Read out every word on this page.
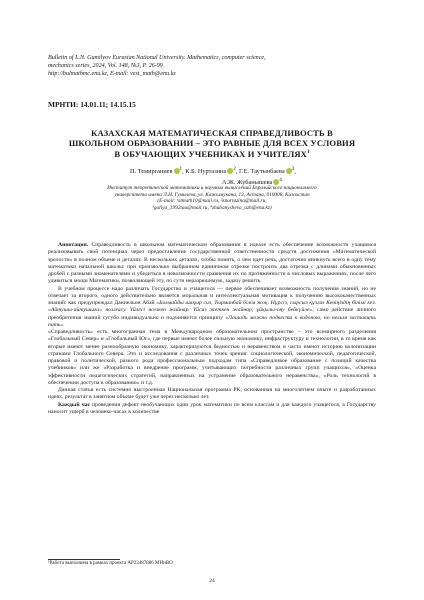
Bulletin of L.N. Gumilyov Eurasian National University. Mathematics, computer science,
mechanics series, 2024, Vol. 148, №3, P. 26-99
http://bulmathmc.enu.kz, E-mail: vest_math@enu.kz
МРНТИ: 14.01.11; 14.15.15
КАЗАХСКАЯ МАТЕМАТИЧЕСКАЯ СПРАВЕДЛИВОСТЬ В
ШКОЛЬНОМ ОБРАЗОВАНИИ – ЭТО РАВНЫЕ ДЛЯ ВСЕХ УСЛОВИЯ
В ОБУЧАЮЩИХ УЧЕБНИКАХ И УЧИТЕЛЯХ$^1$
П. Темирганиев $^1$, К.Б. Нуртазина $^2$, Г.Е. Таутынбаева $^3$,
А.Ж. Жубанышева $^4$
Институт теоретической математики и научных вычислений Евразийского национального
университета имени Л.Н. Гумилева, ул. Кажымукана, 13, Астана, 010008, Казахстан
(E-mail: ¹stmath10@mail.ru, ²knurtazina@mail.ru,
³galiya_1992tau@mail.ru, ⁴zhubanysheva_azh@enu.kz)

Аннотация. Справедливость в школьном математическом образовании в идеале есть обеспечение возможности учащимся реализовывать свой потенциал через предоставление государственной ответственности средств достижения «Математической зрелости» в полном объеме и деталях. В нескольких деталях, чтобы понять, о чем идет речь, достаточно вникнуть всего в одну тему математики начальной школы: при произвольно выбранном единичном отрезке построить два отрезка с длинами обыкновенных дробей с разными знаменателями и убедиться в невозможности сравнения их по протяженности в числовых выражениях, после чего удивиться мощи Математики, позволяющей эту, по сути неразрешимую, задачу решить.

В учебном процессе надо различать Государство и учащегося — первое обеспечивает возможность получения знаний, но не отвечает за второго, одного действительно является моральная и интеллектуальная мотивация к получению высококачественных знаний: как предупреждал Даниельон Абай «Болмайды шақыр сиз, Тырманбай білім жоқ. Нұрсіз, сырсыз құзгиз Көзіңіздің білімі кез. «Айтушы-айтушыға» жалғасу. Үйлесі желкен жайнар. Үйсиз жеткен жайнар, ұйқылы-ояу бейкүйле», само действие личного преобретения знаний сугубо индивидуально и подчиняется принципу «Лошадь можно подвести к водопою, но нельзя заставить пить».

«Справедливость» есть многогранная тема в Международном образовательном пространстве – это всемирного разделения «Глобальный Север» и «Глобальный Юг», где первые имеют более сильную экономику, инфраструктуру и технологии, в то время как вторые имеют менее разнообразную экономику, характеризуются бедностью и неравенством и часто имеют историю колонизации странами Глобального Севера. Это и исследования с различных точек зрения: социологической, экономической, педагогической, правовой и политической, разного рода профессиональным подходам типа «Справедливое образование с позиций качества учебников» или же «Разработка и внедрение программ, учитывающих потребности различных групп учащихся», «Оценка эффективности педагогических стратегий, направленных на устранение образовательного неравенства», «Роль технологий в обеспечении доступа к образованию» и т.д.

Данная статья есть системно выстроенная Национальная программа РК, основанная на многолетнем опыте и разработанных идеях, результат в занятном объеме будет уже через несколько лет.

Каждый час проведения дефект необучающих один урок математики по всем классам и для каждого учащегося, а Государству наносит ущерб в человеко-часах в количестве

¹Работа выполнена в рамках проекта AP23487886 МНиВО
24
